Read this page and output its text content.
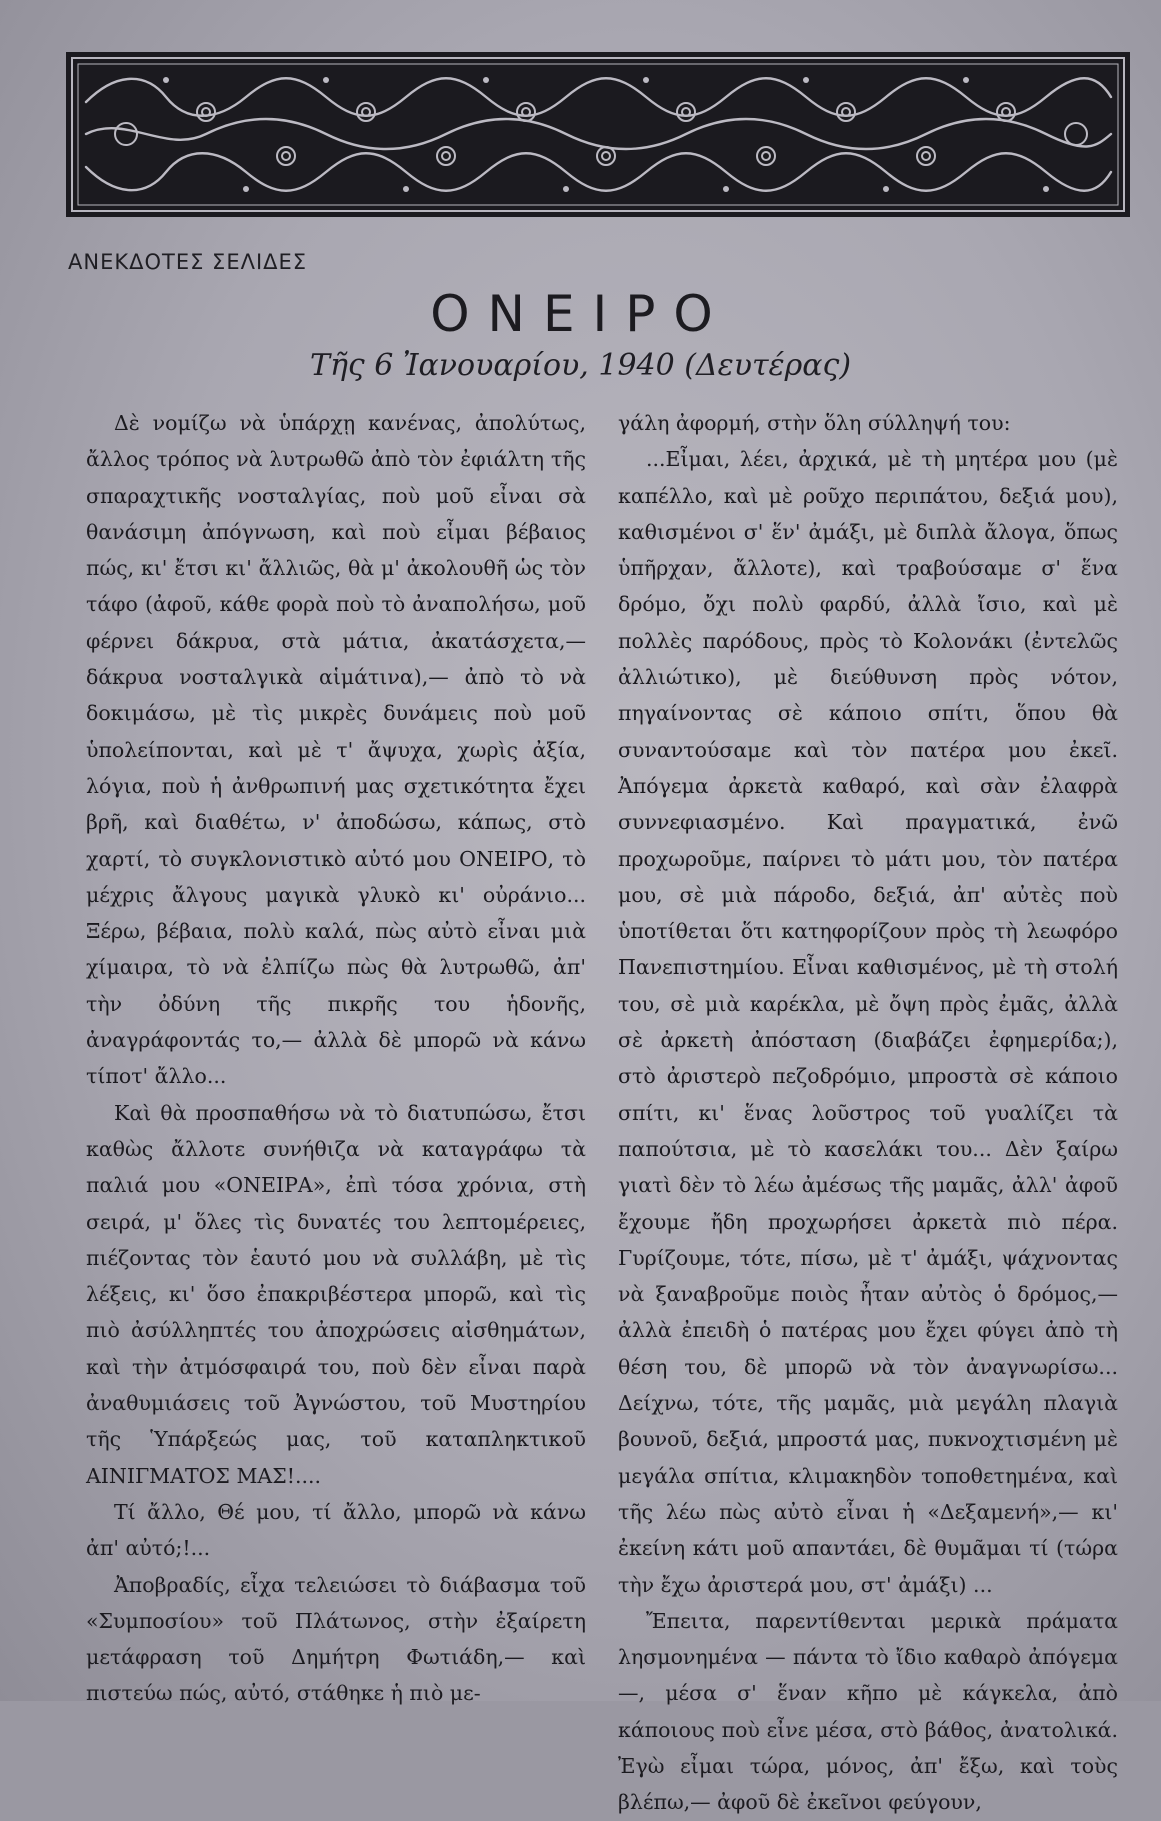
ΑΝΕΚΔΟΤΕΣ ΣΕΛΙΔΕΣ

ΟΝΕΙΡΟ

Τῆς 6 Ἰανουαρίου, 1940 (Δευτέρας)

Δὲ νομίζω νὰ ὑπάρχῃ κανένας, ἀπολύτως, ἄλλος τρόπος νὰ λυτρωθῶ ἀπὸ τὸν ἐφιάλτη τῆς σπαραχτικῆς νοσταλγίας, ποὺ μοῦ εἶναι σὰ θανάσιμη ἀπόγνωση, καὶ ποὺ εἶμαι βέβαιος πώς, κι' ἔτσι κι' ἄλλιῶς, θὰ μ' ἀκολουθῆ ὡς τὸν τάφο (ἀφοῦ, κάθε φορὰ ποὺ τὸ ἀναπολήσω, μοῦ φέρνει δάκρυα, στὰ μάτια, ἀκατάσχετα,— δάκρυα νοσταλγικὰ αἱμάτινα),— ἀπὸ τὸ νὰ δοκιμάσω, μὲ τὶς μικρὲς δυνάμεις ποὺ μοῦ ὑπολείπονται, καὶ μὲ τ' ἄψυχα, χωρὶς ἀξία, λόγια, ποὺ ἡ ἀνθρωπινή μας σχετικότητα ἔχει βρῆ, καὶ διαθέτω, ν' ἀποδώσω, κάπως, στὸ χαρτί, τὸ συγκλονιστικὸ αὐτό μου ΟΝΕΙΡΟ, τὸ μέχρις ἄλγους μαγικὰ γλυκὸ κι' οὐράνιο... Ξέρω, βέβαια, πολὺ καλά, πὼς αὐτὸ εἶναι μιὰ χίμαιρα, τὸ νὰ ἐλπίζω πὼς θὰ λυτρωθῶ, ἀπ' τὴν ὀδύνη τῆς πικρῆς του ἡδονῆς, ἀναγράφοντάς το,— ἀλλὰ δὲ μπορῶ νὰ κάνω τίποτ' ἄλλο...

Καὶ θὰ προσπαθήσω νὰ τὸ διατυπώσω, ἔτσι καθὼς ἄλλοτε συνήθιζα νὰ καταγράφω τὰ παλιά μου «ΟΝΕΙΡΑ», ἐπὶ τόσα χρόνια, στὴ σειρά, μ' ὅλες τὶς δυνατές του λεπτομέρειες, πιέζοντας τὸν ἑαυτό μου νὰ συλλάβη, μὲ τὶς λέξεις, κι' ὅσο ἐπακριβέστερα μπορῶ, καὶ τὶς πιὸ ἀσύλληπτές του ἀποχρώσεις αἰσθημάτων, καὶ τὴν ἀτμόσφαιρά του, ποὺ δὲν εἶναι παρὰ ἀναθυμιάσεις τοῦ Ἀγνώστου, τοῦ Μυστηρίου τῆς Ὑπάρξεώς μας, τοῦ καταπληκτικοῦ ΑΙΝΙΓΜΑΤΟΣ ΜΑΣ!....

Τί ἄλλο, Θέ μου, τί ἄλλο, μπορῶ νὰ κάνω ἀπ' αὐτό;!...

Ἀποβραδίς, εἶχα τελειώσει τὸ διάβασμα τοῦ «Συμποσίου» τοῦ Πλάτωνος, στὴν ἐξαίρετη μετάφραση τοῦ Δημήτρη Φωτιάδη,— καὶ πιστεύω πώς, αὐτό, στάθηκε ἡ πιὸ με-

γάλη ἀφορμή, στὴν ὅλη σύλληψή του:

...Εἶμαι, λέει, ἀρχικά, μὲ τὴ μητέρα μου (μὲ καπέλλο, καὶ μὲ ροῦχο περιπάτου, δεξιά μου), καθισμένοι σ' ἕν' ἀμάξι, μὲ διπλὰ ἄλογα, ὅπως ὑπῆρχαν, ἄλλοτε), καὶ τραβούσαμε σ' ἕνα δρόμο, ὄχι πολὺ φαρδύ, ἀλλὰ ἴσιο, καὶ μὲ πολλὲς παρόδους, πρὸς τὸ Κολονάκι (ἐντελῶς ἀλλιώτικο), μὲ διεύθυνση πρὸς νότον, πηγαίνοντας σὲ κάποιο σπίτι, ὅπου θὰ συναντούσαμε καὶ τὸν πατέρα μου ἐκεῖ. Ἀπόγεμα ἀρκετὰ καθαρό, καὶ σὰν ἐλαφρὰ συννεφιασμένο. Καὶ πραγματικά, ἐνῶ προχωροῦμε, παίρνει τὸ μάτι μου, τὸν πατέρα μου, σὲ μιὰ πάροδο, δεξιά, ἀπ' αὐτὲς ποὺ ὑποτίθεται ὅτι κατηφορίζουν πρὸς τὴ λεωφόρο Πανεπιστημίου. Εἶναι καθισμένος, μὲ τὴ στολή του, σὲ μιὰ καρέκλα, μὲ ὄψη πρὸς ἐμᾶς, ἀλλὰ σὲ ἀρκετὴ ἀπόσταση (διαβάζει ἐφημερίδα;), στὸ ἀριστερὸ πεζοδρόμιο, μπροστὰ σὲ κάποιο σπίτι, κι' ἕνας λοῦστρος τοῦ γυαλίζει τὰ παπούτσια, μὲ τὸ κασελάκι του... Δὲν ξαίρω γιατὶ δὲν τὸ λέω ἀμέσως τῆς μαμᾶς, ἀλλ' ἀφοῦ ἔχουμε ἤδη προχωρήσει ἀρκετὰ πιὸ πέρα. Γυρίζουμε, τότε, πίσω, μὲ τ' ἀμάξι, ψάχνοντας νὰ ξαναβροῦμε ποιὸς ἦταν αὐτὸς ὁ δρόμος,— ἀλλὰ ἐπειδὴ ὁ πατέρας μου ἔχει φύγει ἀπὸ τὴ θέση του, δὲ μπορῶ νὰ τὸν ἀναγνωρίσω... Δείχνω, τότε, τῆς μαμᾶς, μιὰ μεγάλη πλαγιὰ βουνοῦ, δεξιά, μπροστά μας, πυκνοχτισμένη μὲ μεγάλα σπίτια, κλιμακηδὸν τοποθετημένα, καὶ τῆς λέω πὼς αὐτὸ εἶναι ἡ «Δεξαμενή»,— κι' ἐκείνη κάτι μοῦ απαντάει, δὲ θυμᾶμαι τί (τώρα τὴν ἔχω ἀριστερά μου, στ' ἀμάξι) ...

Ἔπειτα, παρεντίθενται μερικὰ πράματα λησμονημένα — πάντα τὸ ἴδιο καθαρὸ ἀπόγεμα —, μέσα σ' ἕναν κῆπο μὲ κάγκελα, ἀπὸ κάποιους ποὺ εἶνε μέσα, στὸ βάθος, ἀνατολικά. Ἐγὼ εἶμαι τώρα, μόνος, ἀπ' ἔξω, καὶ τοὺς βλέπω,— ἀφοῦ δὲ ἐκεῖνοι φεύγουν,
